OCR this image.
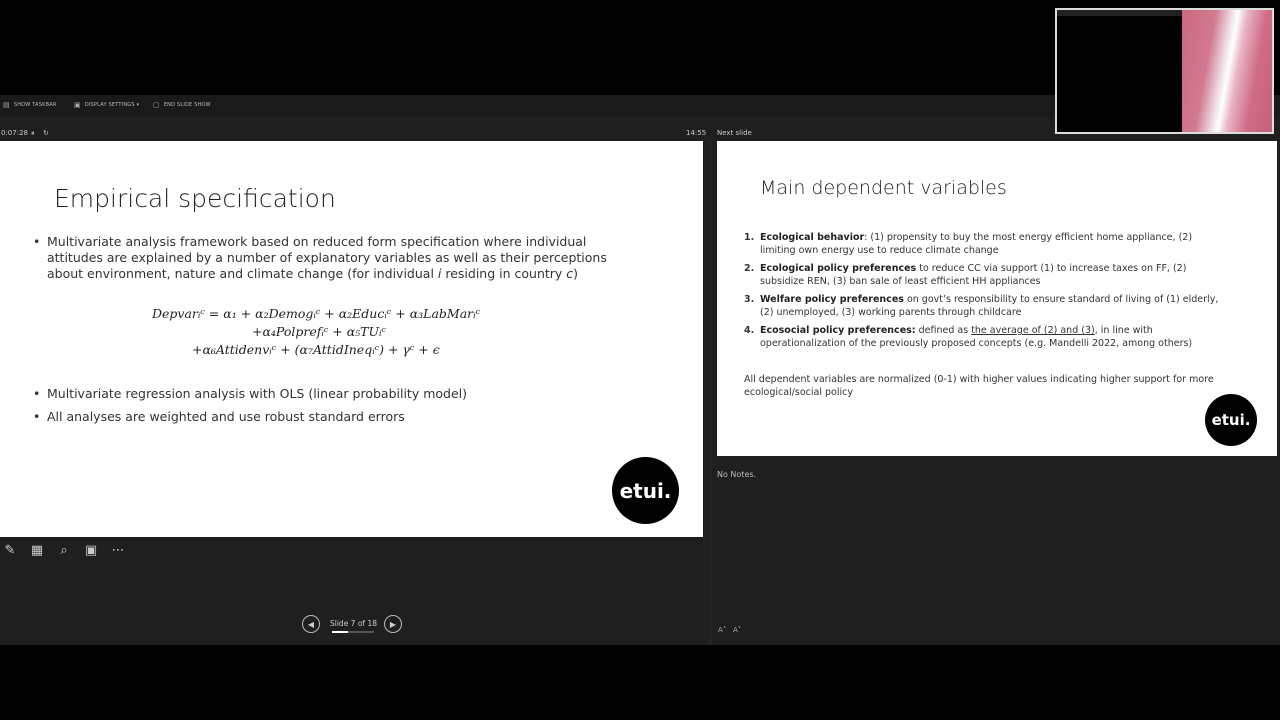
▤ SHOW TASKBAR	▣ DISPLAY SETTINGS ▾ ▢ END SLIDE SHOW
0:07:28 ⏸ ↻	14:55 Next slide
Empirical specification
• Multivariate analysis framework based on reduced form specification where individual attitudes are explained by a number of explanatory variables as well as their perceptions about environment, nature and climate change (for individual i residing in country c)
Depvarᵢᶜ = α₁ + α₂Demogᵢᶜ + α₂Educᵢᶜ + α₃LabMarᵢᶜ
+α₄Polprefᵢᶜ + α₅TUᵢᶜ
+α₆Attidenvᵢᶜ + (α₇AttidIneqᵢᶜ) + γᶜ + ϵ
• Multivariate regression analysis with OLS (linear probability model)
• All analyses are weighted and use robust standard errors
etui.
Main dependent variables
1. Ecological behavior: (1) propensity to buy the most energy efficient home appliance, (2) limiting own energy use to reduce climate change
2. Ecological policy preferences to reduce CC via support (1) to increase taxes on FF, (2) subsidize REN, (3) ban sale of least efficient HH appliances
3. Welfare policy preferences on govt’s responsibility to ensure standard of living of (1) elderly, (2) unemployed, (3) working parents through childcare
4. Ecosocial policy preferences: defined as the average of (2) and (3), in line with operationalization of the previously proposed concepts (e.g. Mandelli 2022, among others)
All dependent variables are normalized (0-1) with higher values indicating higher support for more ecological/social policy
etui.
No Notes.
A˄ A˅
✎	▦	⌕	▣ ⋯
◀	Slide 7 of 18	▶
